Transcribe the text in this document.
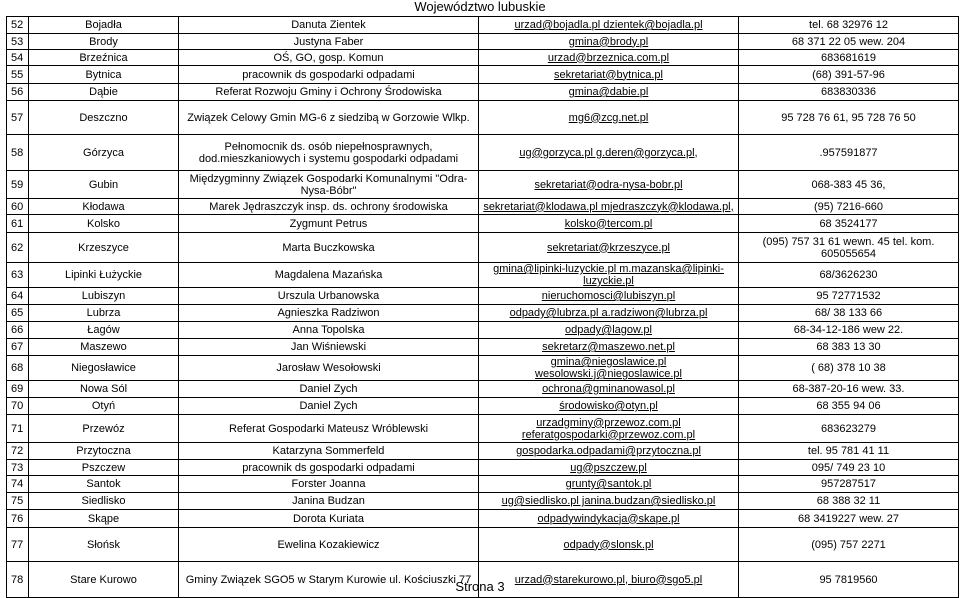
Województwo lubuskie
52	Bojadła	Danuta Zientek	urzad@bojadla.pl dzientek@bojadla.pl	tel. 68 32976 12
53	Brody	Justyna Faber	gmina@brody.pl	68 371 22 05 wew. 204
54	Brzeźnica	OŚ, GO, gosp. Komun	urzad@brzeznica.com.pl	683681619
55	Bytnica	pracownik ds gospodarki odpadami	sekretariat@bytnica.pl	(68) 391-57-96
56	Dąbie	Referat Rozwoju Gminy i Ochrony Środowiska	gmina@dabie.pl	683830336
57	Deszczno	Związek Celowy Gmin MG-6 z siedzibą w Gorzowie Wlkp.	mg6@zcg.net.pl	95 728 76 61, 95 728 76 50
58	Górzyca	Pełnomocnik ds. osób niepełnosprawnych, dod.mieszkaniowych i systemu gospodarki odpadami	ug@gorzyca.pl g.deren@gorzyca.pl,	.957591877
59	Gubin	Międzygminny Związek Gospodarki Komunalnymi "Odra-Nysa-Bóbr"	sekretariat@odra-nysa-bobr.pl	068-383 45 36,
60	Kłodawa	Marek Jędraszczyk insp. ds. ochrony środowiska	sekretariat@klodawa.pl mjedraszczyk@klodawa.pl,	(95) 7216-660
61	Kolsko	Zygmunt Petrus	kolsko@tercom.pl	68 3524177
62	Krzeszyce	Marta Buczkowska	sekretariat@krzeszyce.pl	(095) 757 31 61 wewn. 45 tel. kom. 605055654
63	Lipinki Łużyckie	Magdalena Mazańska	gmina@lipinki-luzyckie.pl m.mazanska@lipinki-luzyckie.pl	68/3626230
64	Lubiszyn	Urszula Urbanowska	nieruchomosci@lubiszyn.pl	95 7277153​2
65	Lubrza	Agnieszka Radziwon	odpady@lubrza.pl a.radziwon@lubrza.pl	68/ 38 133 66
66	Łagów	Anna Topolska	odpady@lagow.pl	68-34-12-186 wew 22.
67	Maszewo	Jan Wiśniewski	sekretarz@maszewo.net.pl	68 383 13 30
68	Niegosławice	Jarosław Wesołowski	gmina@niegoslawice.pl wesolowski.j@niegoslawice.pl	( 68) 378 10 38
69	Nowa Sól	Daniel Zych	ochrona@gminanowasol.pl	68-387-20-16 wew. 33.
70	Otyń	Daniel Zych	środowisko@otyn.pl	68 355 94 06
71	Przewóz	Referat Gospodarki Mateusz Wróblewski	urzadgminy@przewoz.com.pl referatgospodarki@przewoz.com.pl	683623279
72	Przytoczna	Katarzyna Sommerfeld	gospodarka.odpadami@przytoczna.pl	tel. 95 781 41 11
73	Pszczew	pracownik ds gospodarki odpadami	ug@pszczew.pl	095/ 749 23 10
74	Santok	Forster Joanna	grunty@santok.pl	957287517
75	Siedlisko	Janina Budzan	ug@siedlisko.pl janina.budzan@siedlisko.pl	68 388 32 11
76	Skąpe	Dorota Kuriata	odpadywindykacja@skape.pl	68 3419227 wew. 27
77	Słońsk	Ewelina Kozakiewicz	odpady@slonsk.pl	(095) 757 2271
78	Stare Kurowo	Gminy Związek SGO5 w Starym Kurowie ul. Kościuszki 77	urzad@starekurowo.pl, biuro@sgo5.pl	95 7819560
Strona 3
